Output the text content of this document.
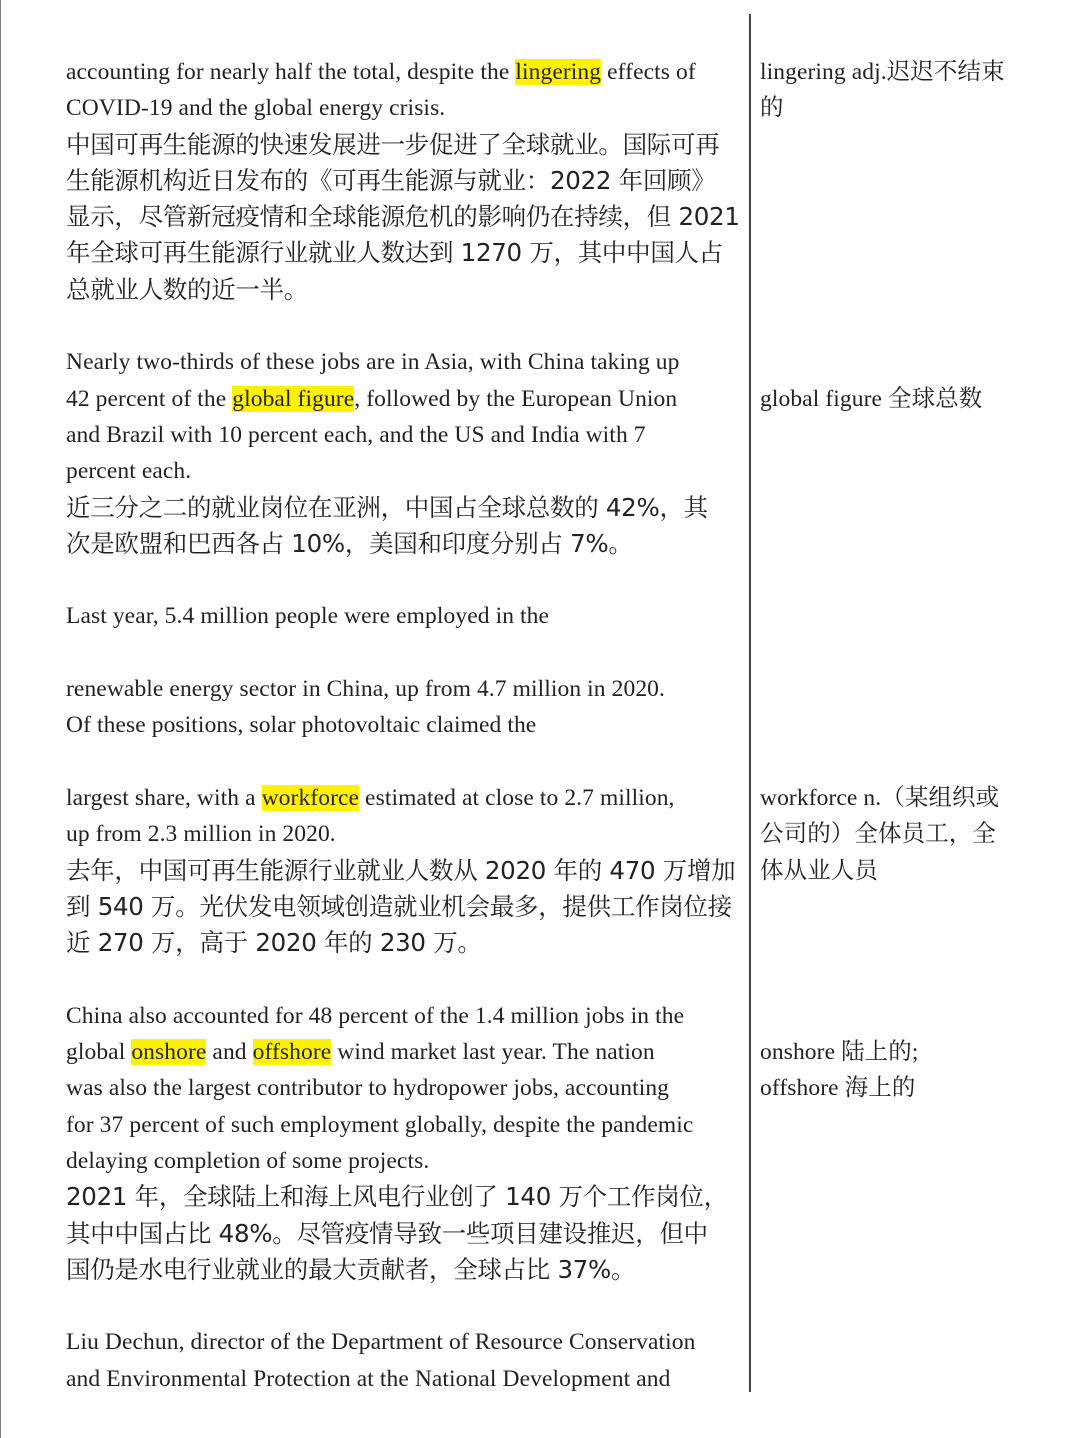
accounting for nearly half the total, despite the lingering effects of
COVID-19 and the global energy crisis.
中国可再生能源的快速发展进一步促进了全球就业。国际可再
生能源机构近日发布的《可再生能源与就业：2022 年回顾》
显示，尽管新冠疫情和全球能源危机的影响仍在持续，但 2021
年全球可再生能源行业就业人数达到 1270 万，其中中国人占
总就业人数的近一半。
Nearly two-thirds of these jobs are in Asia, with China taking up
42 percent of the global figure, followed by the European Union
and Brazil with 10 percent each, and the US and India with 7
percent each.
近三分之二的就业岗位在亚洲，中国占全球总数的 42%，其
次是欧盟和巴西各占 10%，美国和印度分别占 7%。
Last year, 5.4 million people were employed in the
renewable energy sector in China, up from 4.7 million in 2020.
Of these positions, solar photovoltaic claimed the
largest share, with a workforce estimated at close to 2.7 million,
up from 2.3 million in 2020.
去年，中国可再生能源行业就业人数从 2020 年的 470 万增加
到 540 万。光伏发电领域创造就业机会最多，提供工作岗位接
近 270 万，高于 2020 年的 230 万。
China also accounted for 48 percent of the 1.4 million jobs in the
global onshore and offshore wind market last year. The nation
was also the largest contributor to hydropower jobs, accounting
for 37 percent of such employment globally, despite the pandemic
delaying completion of some projects.
2021 年，全球陆上和海上风电行业创了 140 万个工作岗位，
其中中国占比 48%。尽管疫情导致一些项目建设推迟，但中
国仍是水电行业就业的最大贡献者，全球占比 37%。
Liu Dechun, director of the Department of Resource Conservation
and Environmental Protection at the National Development and
lingering adj.迟迟不结束
的
global figure 全球总数
workforce n.（某组织或
公司的）全体员工，全
体从业人员
onshore 陆上的;
offshore 海上的
